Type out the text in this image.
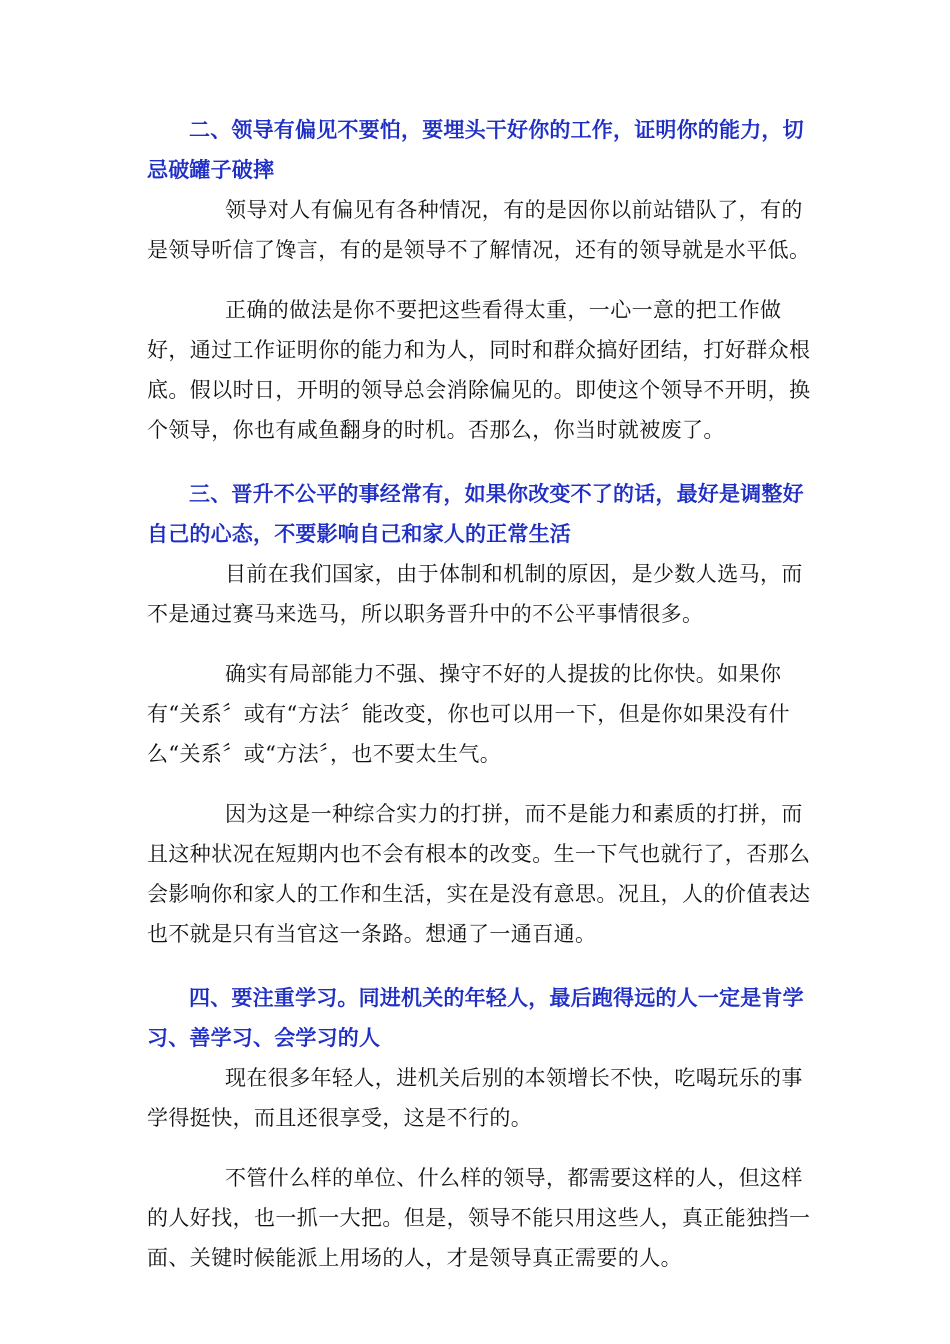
二、领导有偏见不要怕，要埋头干好你的工作，证明你的能力，切忌破罐子破摔

领导对人有偏见有各种情况，有的是因你以前站错队了，有的是领导听信了馋言，有的是领导不了解情况，还有的领导就是水平低。

正确的做法是你不要把这些看得太重，一心一意的把工作做好，通过工作证明你的能力和为人，同时和群众搞好团结，打好群众根底。假以时日，开明的领导总会消除偏见的。即使这个领导不开明，换个领导，你也有咸鱼翻身的时机。否那么，你当时就被废了。

三、晋升不公平的事经常有，如果你改变不了的话，最好是调整好自己的心态，不要影响自己和家人的正常生活

目前在我们国家，由于体制和机制的原因，是少数人选马，而不是通过赛马来选马，所以职务晋升中的不公平事情很多。

确实有局部能力不强、操守不好的人提拔的比你快。如果你有“关系〞或有“方法〞能改变，你也可以用一下，但是你如果没有什么“关系〞或“方法〞，也不要太生气。

因为这是一种综合实力的打拼，而不是能力和素质的打拼，而且这种状况在短期内也不会有根本的改变。生一下气也就行了，否那么会影响你和家人的工作和生活，实在是没有意思。况且，人的价值表达也不就是只有当官这一条路。想通了一通百通。

四、要注重学习。同进机关的年轻人，最后跑得远的人一定是肯学习、善学习、会学习的人

现在很多年轻人，进机关后别的本领增长不快，吃喝玩乐的事学得挺快，而且还很享受，这是不行的。

不管什么样的单位、什么样的领导，都需要这样的人，但这样的人好找，也一抓一大把。但是，领导不能只用这些人，真正能独挡一面、关键时候能派上用场的人，才是领导真正需要的人。
